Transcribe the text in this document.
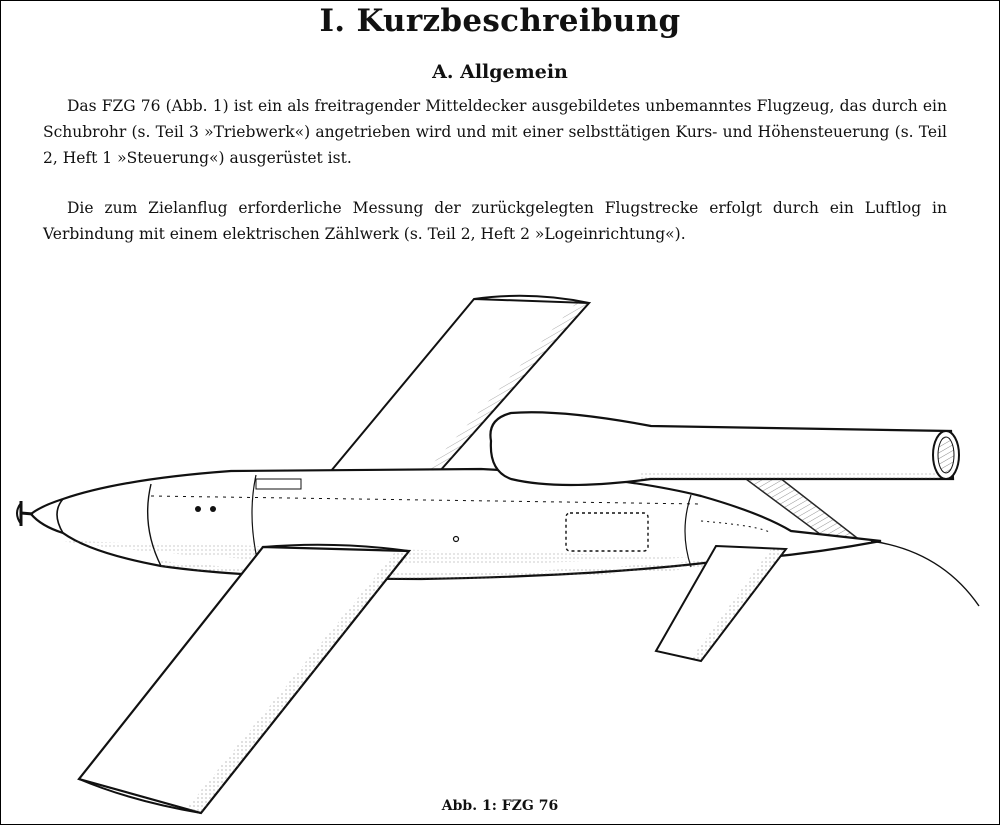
I. Kurzbeschreibung
A. Allgemein

Das FZG 76 (Abb. 1) ist ein als freitragender Mitteldecker ausgebildetes unbemanntes Flugzeug, das durch ein Schubrohr (s. Teil 3 »Triebwerk«) angetrieben wird und mit einer selbsttätigen Kurs- und Höhensteuerung (s. Teil 2, Heft 1 »Steuerung«) ausgerüstet ist.

Die zum Zielanflug erforderliche Messung der zurückgelegten Flugstrecke erfolgt durch ein Luftlog in Verbindung mit einem elektrischen Zählwerk (s. Teil 2, Heft 2 »Logeinrichtung«).

Abb. 1: FZG 76
